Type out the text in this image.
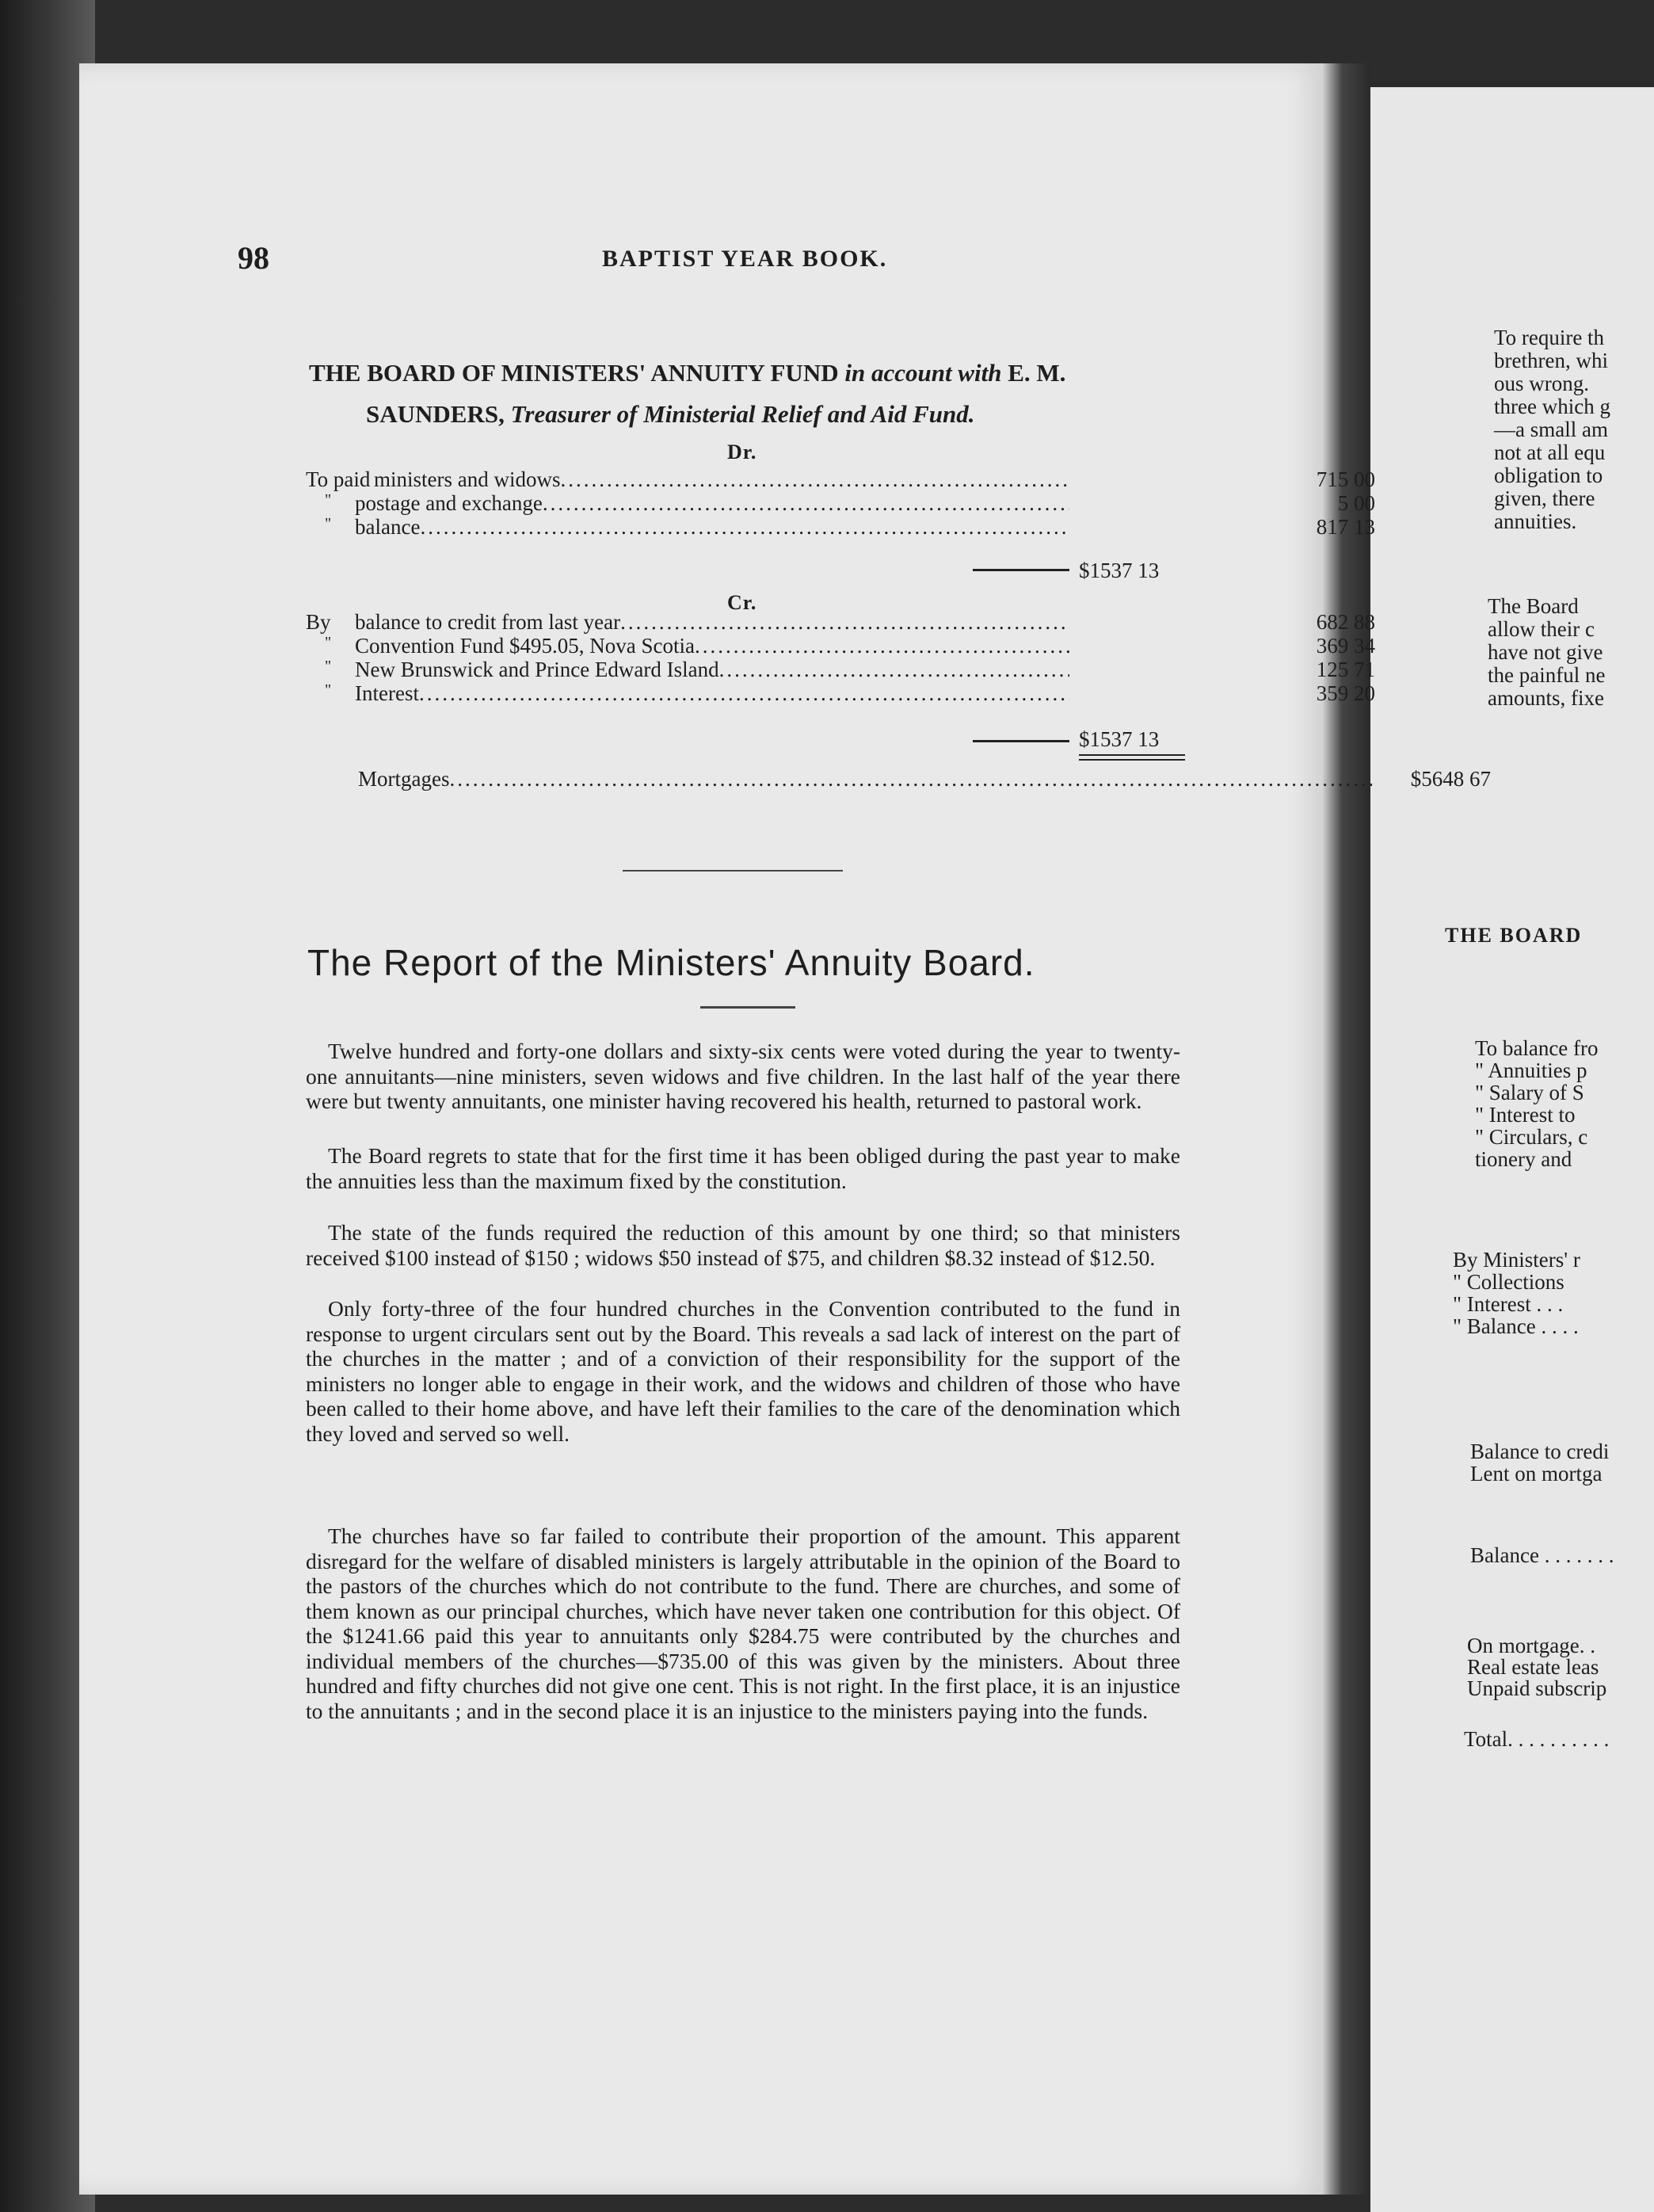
To require th
brethren, whi
ous wrong.
three which g
—a small am
not at all equ
obligation to
given, there
annuities.
The Board
allow their c
have not give
the painful ne
amounts, fixe
THE BOARD
To balance fro
" Annuities p
" Salary of S
" Interest to
" Circulars, c
tionery and
By Ministers' r
" Collections
" Interest . . .
" Balance . . . .
Balance to credi
Lent on mortga
Balance . . . . . . .
On mortgage. .
Real estate leas
Unpaid subscrip
Total. . . . . . . . . .
98	BAPTIST YEAR BOOK.
THE BOARD OF MINISTERS' ANNUITY FUND in account with E. M.
SAUNDERS, Treasurer of Ministerial Relief and Aid Fund.
Dr.
To paid ministers and widows .....	715 00
"	postage and exchange .....	5 00
"	balance .....	817 13
$1537 13
Cr.
By	balance to credit from last year .....	682 88
"	Convention Fund $495.05, Nova Scotia .....	369 34
"	New Brunswick and Prince Edward Island .....	125 71
"	Interest .....	359 20
$1537 13
Mortgages .....	$5648 67
The Report of the Ministers' Annuity Board.

Twelve hundred and forty-one dollars and sixty-six cents were voted during the year to twenty-one annuitants—nine ministers, seven widows and five children. In the last half of the year there were but twenty annuitants, one minister having recovered his health, returned to pastoral work.

The Board regrets to state that for the first time it has been obliged during the past year to make the annuities less than the maximum fixed by the constitution.

The state of the funds required the reduction of this amount by one third; so that ministers received $100 instead of $150 ; widows $50 instead of $75, and children $8.32 instead of $12.50.

Only forty-three of the four hundred churches in the Convention contributed to the fund in response to urgent circulars sent out by the Board. This reveals a sad lack of interest on the part of the churches in the matter ; and of a conviction of their responsibility for the support of the ministers no longer able to engage in their work, and the widows and children of those who have been called to their home above, and have left their families to the care of the denomination which they loved and served so well.

The churches have so far failed to contribute their proportion of the amount. This apparent disregard for the welfare of disabled ministers is largely attributable in the opinion of the Board to the pastors of the churches which do not contribute to the fund. There are churches, and some of them known as our principal churches, which have never taken one contribution for this object. Of the $1241.66 paid this year to annuitants only $284.75 were contributed by the churches and individual members of the churches—$735.00 of this was given by the ministers. About three hundred and fifty churches did not give one cent. This is not right. In the first place, it is an injustice to the annuitants ; and in the second place it is an injustice to the ministers paying into the funds.
